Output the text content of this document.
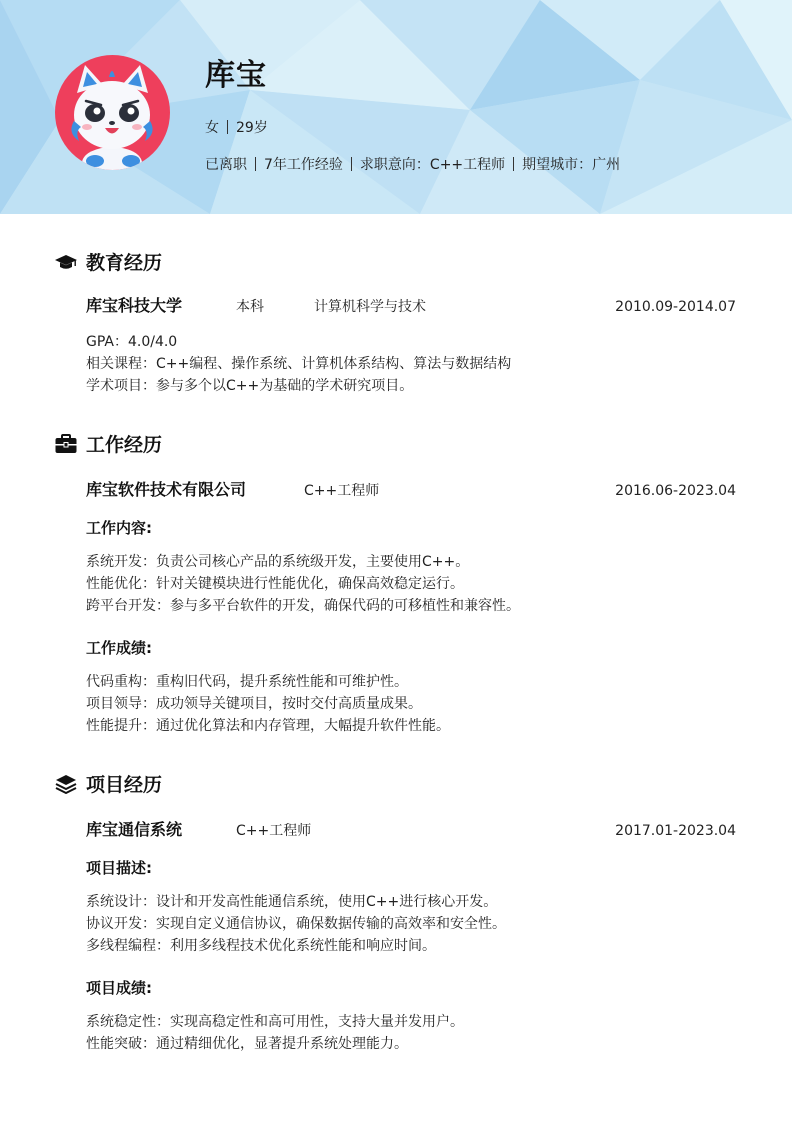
库宝
女 29岁
已离职 7年工作经验 求职意向：C++工程师 期望城市：广州
教育经历
库宝科技大学	本科	计算机科学与技术	2010.09-2014.07
GPA：4.0/4.0
相关课程：C++编程、操作系统、计算机体系结构、算法与数据结构
学术项目：参与多个以C++为基础的学术研究项目。
工作经历
库宝软件技术有限公司	C++工程师	2016.06-2023.04
工作内容:
系统开发：负责公司核心产品的系统级开发，主要使用C++。
性能优化：针对关键模块进行性能优化，确保高效稳定运行。
跨平台开发：参与多平台软件的开发，确保代码的可移植性和兼容性。
工作成绩:
代码重构：重构旧代码，提升系统性能和可维护性。
项目领导：成功领导关键项目，按时交付高质量成果。
性能提升：通过优化算法和内存管理，大幅提升软件性能。
项目经历
库宝通信系统	C++工程师	2017.01-2023.04
项目描述:
系统设计：设计和开发高性能通信系统，使用C++进行核心开发。
协议开发：实现自定义通信协议，确保数据传输的高效率和安全性。
多线程编程：利用多线程技术优化系统性能和响应时间。
项目成绩:
系统稳定性：实现高稳定性和高可用性，支持大量并发用户。
性能突破：通过精细优化，显著提升系统处理能力。
